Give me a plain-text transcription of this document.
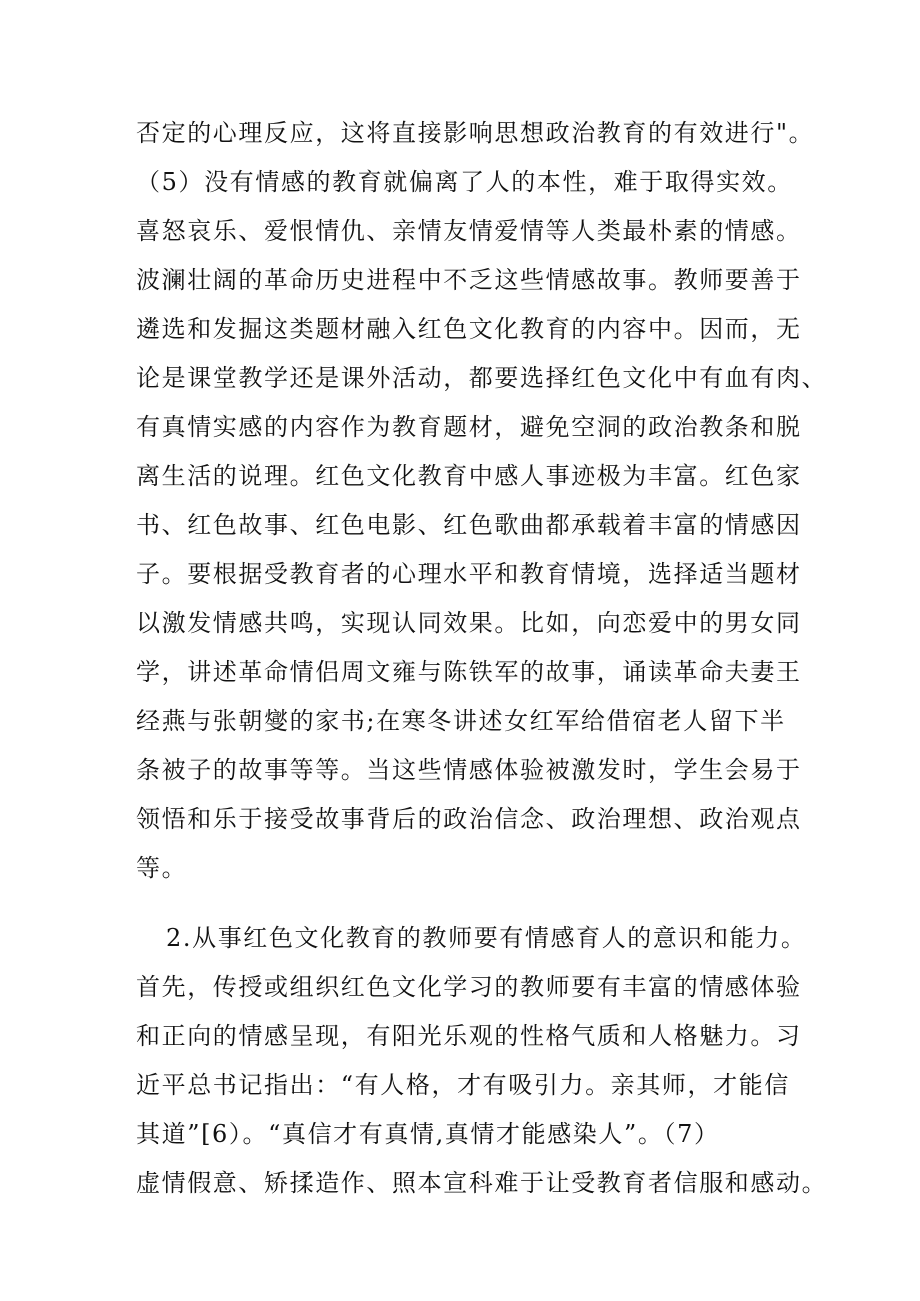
否定的心理反应，这将直接影响思想政治教育的有效进行"。
（5）没有情感的教育就偏离了人的本性，难于取得实效。
喜怒哀乐、爱恨情仇、亲情友情爱情等人类最朴素的情感。
波澜壮阔的革命历史进程中不乏这些情感故事。教师要善于
遴选和发掘这类题材融入红色文化教育的内容中。因而，无
论是课堂教学还是课外活动，都要选择红色文化中有血有肉、
有真情实感的内容作为教育题材，避免空洞的政治教条和脱
离生活的说理。红色文化教育中感人事迹极为丰富。红色家
书、红色故事、红色电影、红色歌曲都承载着丰富的情感因
子。要根据受教育者的心理水平和教育情境，选择适当题材
以激发情感共鸣，实现认同效果。比如，向恋爱中的男女同
学，讲述革命情侣周文雍与陈铁军的故事，诵读革命夫妻王
经燕与张朝燮的家书;在寒冬讲述女红军给借宿老人留下半
条被子的故事等等。当这些情感体验被激发时，学生会易于
领悟和乐于接受故事背后的政治信念、政治理想、政治观点
等。
2.从事红色文化教育的教师要有情感育人的意识和能力。
首先，传授或组织红色文化学习的教师要有丰富的情感体验
和正向的情感呈现，有阳光乐观的性格气质和人格魅力。习
近平总书记指出：“有人格，才有吸引力。亲其师，才能信
其道”[6）。“真信才有真情,真情才能感染人”。（7）
虚情假意、矫揉造作、照本宣科难于让受教育者信服和感动。
